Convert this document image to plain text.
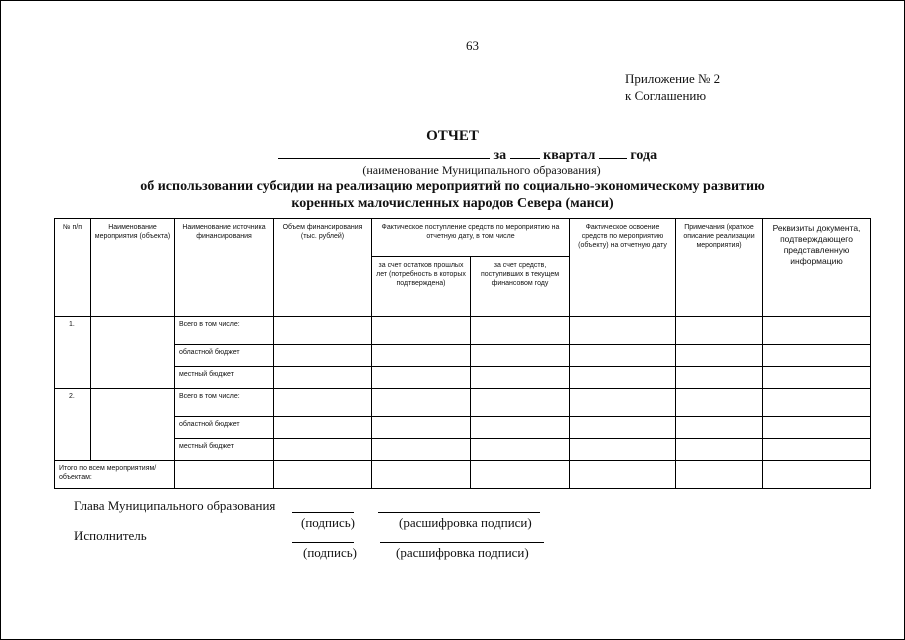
63
Приложение № 2
к Соглашению
ОТЧЕТ
за	квартал	года
(наименование Муниципального образования)
об использовании субсидии на реализацию мероприятий по социально-экономическому развитию
коренных малочисленных народов Севера (манси)
№ п/п	Наименование мероприятия (объекта)	Наименование источника финансирования	Объем финансирования (тыс. рублей)	Фактическое поступление средств по мероприятию на отчетную дату, в том числе		Фактическое освоение средств по мероприятию (объекту) на отчетную дату	Примечания (краткое описание реализации мероприятия)	Реквизиты документа, подтверждающего представленную информацию
				за счет остатков прошлых лет (потребность в которых подтверждена)	за счет средств, поступивших в текущем финансовом году			

1.		Всего в том числе:						

		областной бюджет						

		местный бюджет						

2.		Всего в том числе:						

		областной бюджет						

		местный бюджет						

Итого по всем мероприятиям/объектам:								

Глава Муниципального образования
(подпись)	(расшифровка подписи)
Исполнитель
(подпись)	(расшифровка подписи)
